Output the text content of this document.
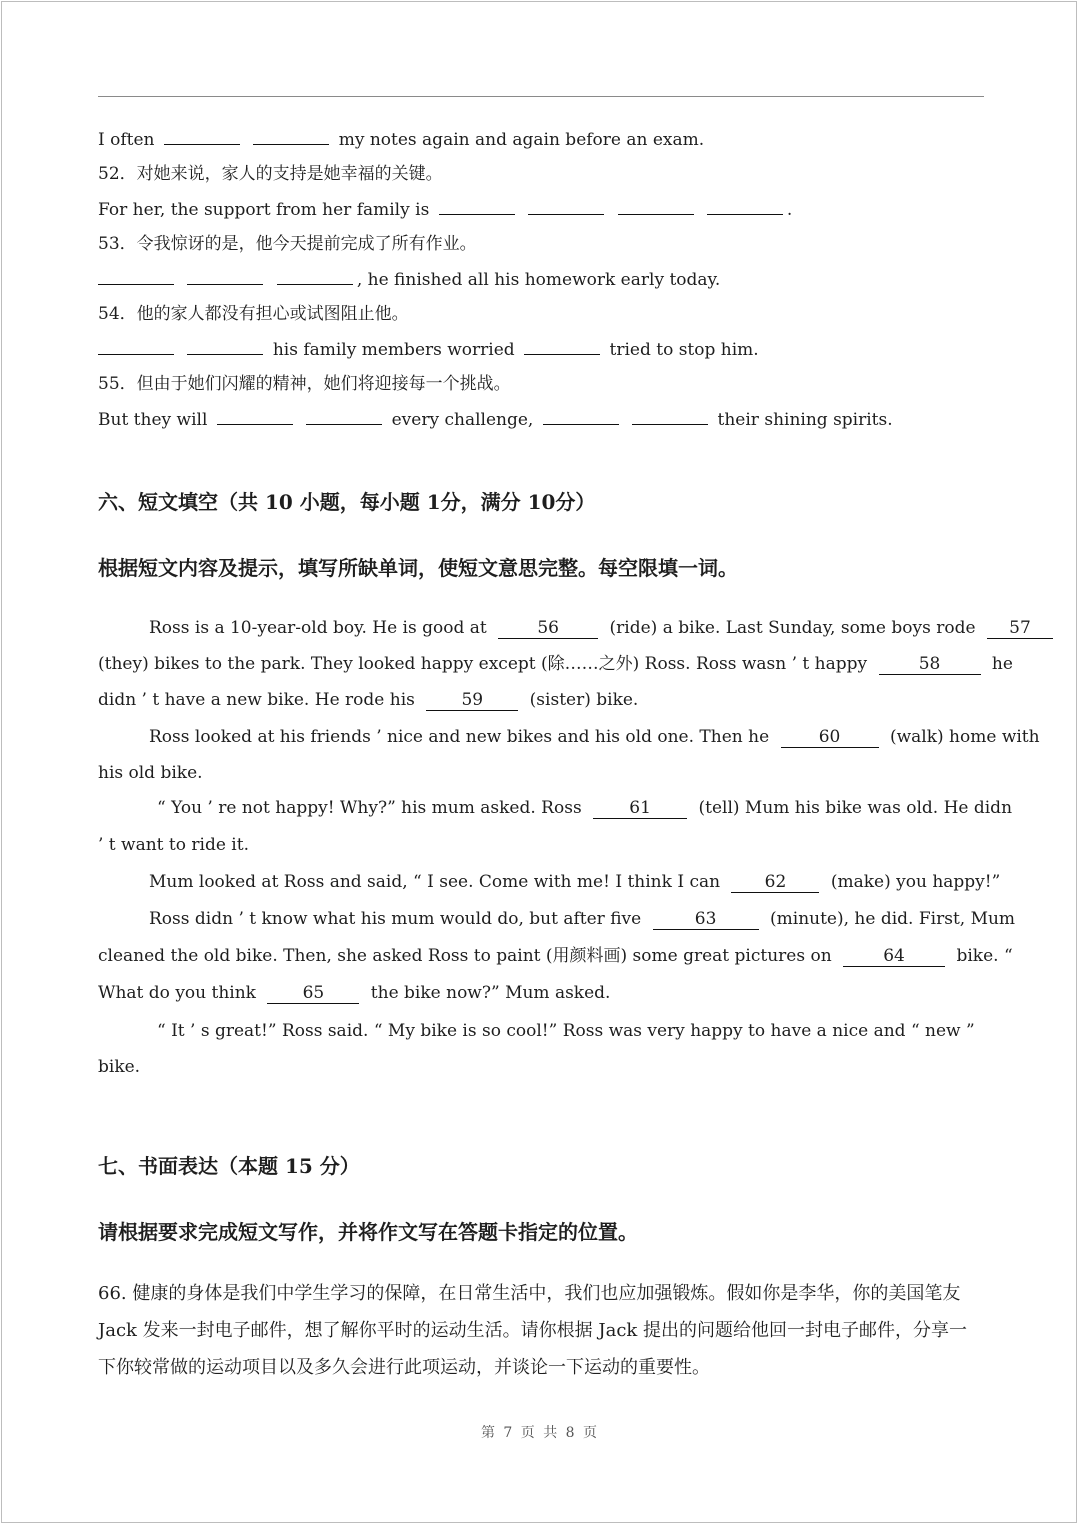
I often	my notes again and again before an exam.
52．对她来说，家人的支持是她幸福的关键。
For her, the support from her family is	.
53．令我惊讶的是，他今天提前完成了所有作业。
, he finished all his homework early today.
54．他的家人都没有担心或试图阻止他。
his family members worried	tried to stop him.
55．但由于她们闪耀的精神，她们将迎接每一个挑战。
But they will	every challenge,	their shining spirits.
六、短文填空（共 10 小题，每小题 1分，满分 10分）
根据短文内容及提示，填写所缺单词，使短文意思完整。每空限填一词。
Ross is a 10-year-old boy. He is good at	56	(ride) a bike. Last Sunday, some boys rode 57
(they) bikes to the park. They looked happy except (除……之外) Ross. Ross wasn ’ t happy	58	he
didn ’ t have a new bike. He rode his	59	(sister) bike.
Ross looked at his friends ’ nice and new bikes and his old one. Then he	60	(walk) home with
his old bike.
“ You ’ re not happy! Why?” his mum asked. Ross	61	(tell) Mum his bike was old. He didn
’ t want to ride it.
Mum looked at Ross and said, “ I see. Come with me! I think I can	62	(make) you happy!”
Ross didn ’ t know what his mum would do, but after five	63	(minute), he did. First, Mum
cleaned the old bike. Then, she asked Ross to paint (用颜料画) some great pictures on	64	bike. “
What do you think	65	the bike now?” Mum asked.
“ It ’ s great!” Ross said. “ My bike is so cool!” Ross was very happy to have a nice and “ new ”
bike.
七、书面表达（本题 15 分）
请根据要求完成短文写作，并将作文写在答题卡指定的位置。
66. 健康的身体是我们中学生学习的保障，在日常生活中，我们也应加强锻炼。假如你是李华，你的美国笔友
Jack 发来一封电子邮件，想了解你平时的运动生活。请你根据 Jack 提出的问题给他回一封电子邮件，分享一
下你较常做的运动项目以及多久会进行此项运动，并谈论一下运动的重要性。
第 7 页 共 8 页
